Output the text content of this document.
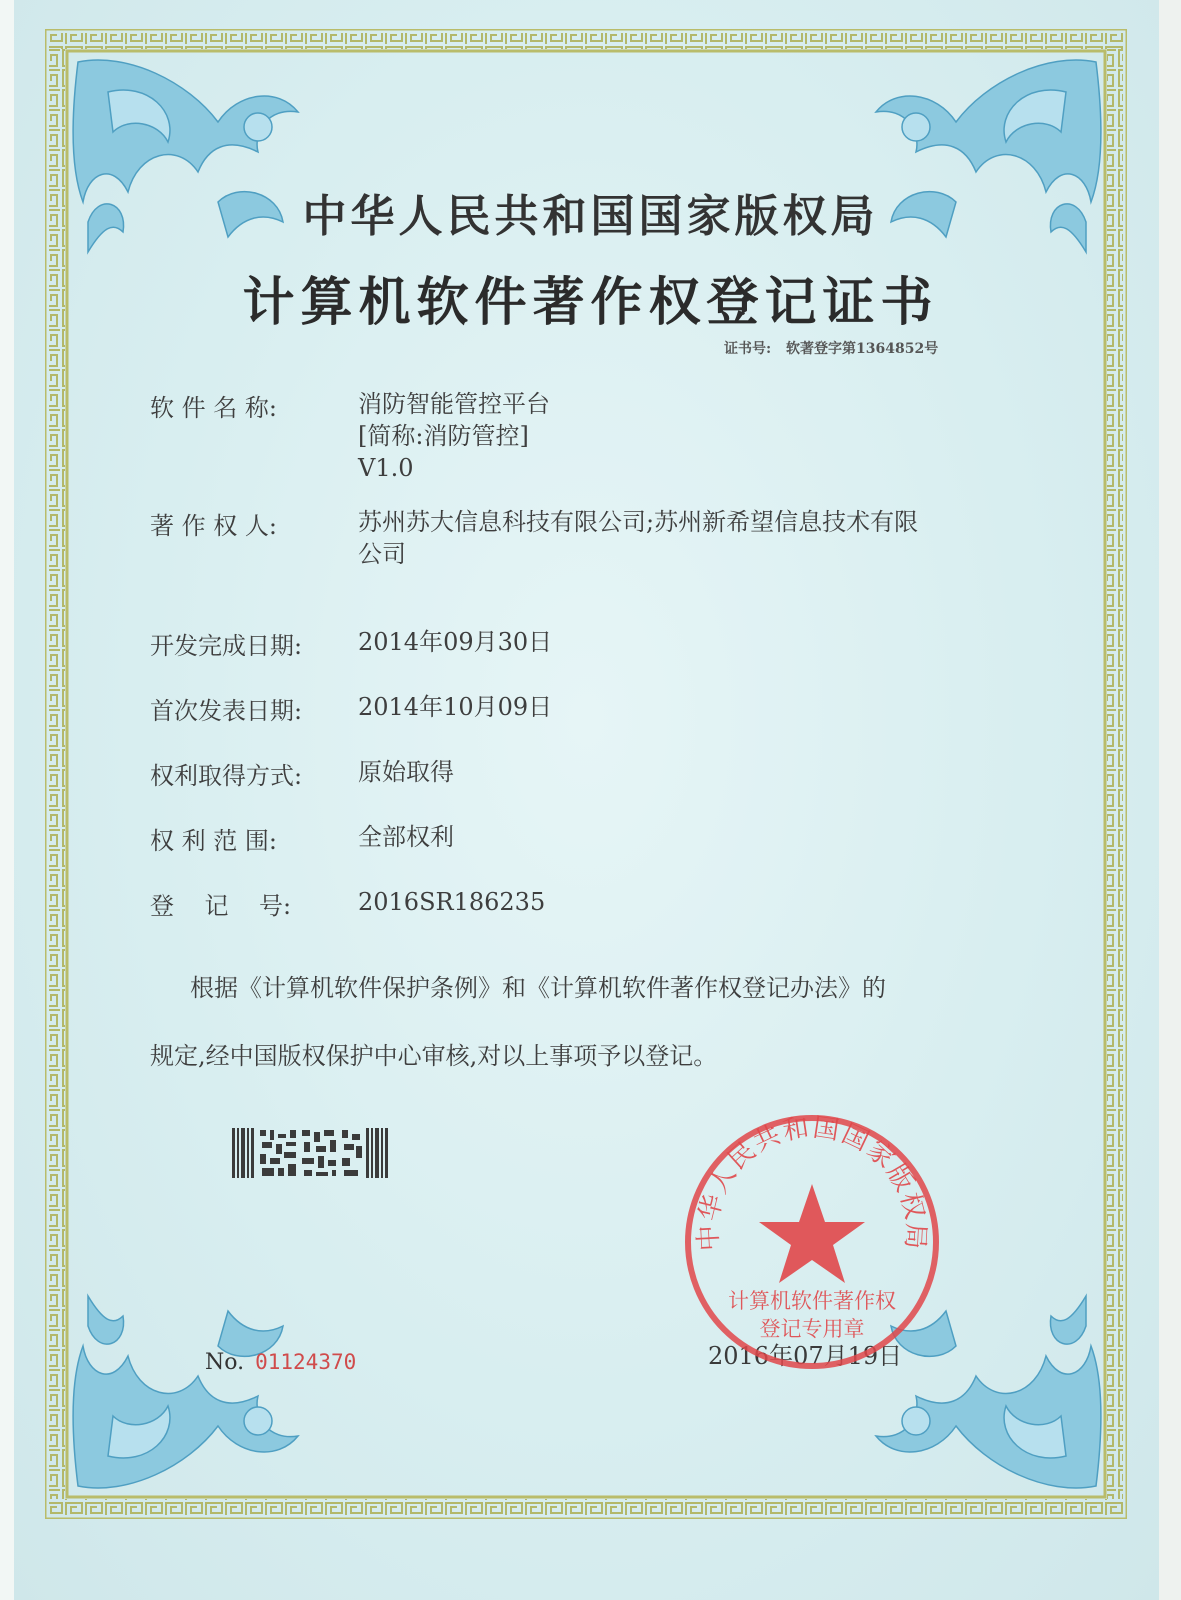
中华人民共和国国家版权局
计算机软件著作权登记证书
证书号: 软著登字第1364852号
软 件 名 称:	消防智能管控平台
[简称:消防管控]
V1.0
著 作 权 人:	苏州苏大信息科技有限公司;苏州新希望信息技术有限
公司
开发完成日期:	2014年09月30日
首次发表日期:	2014年10月09日
权利取得方式:	原始取得
权 利 范 围:	全部权利
登    记    号:	2016SR186235
根据《计算机软件保护条例》和《计算机软件著作权登记办法》的
规定,经中国版权保护中心审核,对以上事项予以登记。
No. 01124370	2016年07月19日
中华人民共和国国家版权局
计算机软件著作权
登记专用章
